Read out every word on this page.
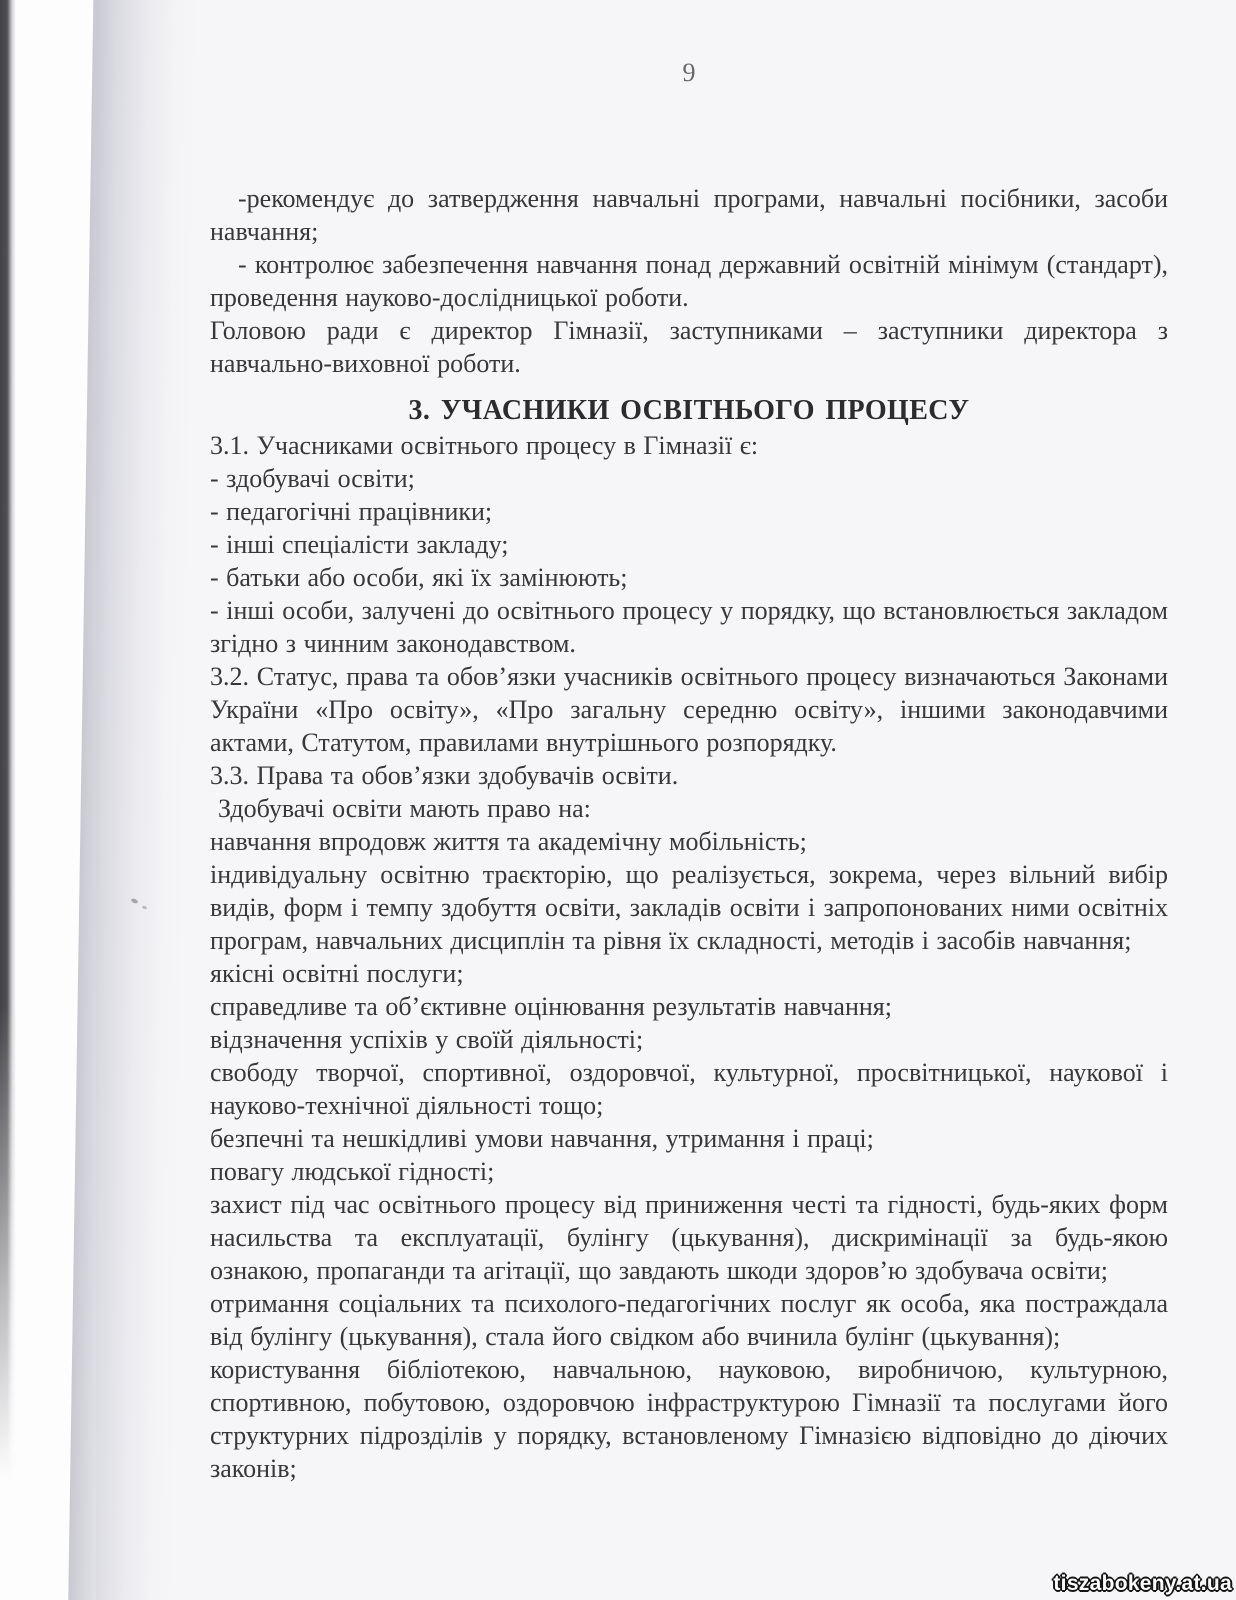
9

-рекомендує до затвердження навчальні програми, навчальні посібники, засоби навчання;

- контролює забезпечення навчання понад державний освітній мінімум (стандарт), проведення науково-дослідницької роботи.

Головою ради є директор Гімназії, заступниками – заступники директора з навчально-виховної роботи.

3. УЧАСНИКИ ОСВІТНЬОГО ПРОЦЕСУ

3.1. Учасниками освітнього процесу в Гімназії є:

- здобувачі освіти;

- педагогічні працівники;

- інші спеціалісти закладу;

- батьки або особи, які їх замінюють;

- інші особи, залучені до освітнього процесу у порядку, що встановлюється закладом згідно з чинним законодавством.

3.2. Статус, права та обов’язки учасників освітнього процесу визначаються Законами України «Про освіту», «Про загальну середню освіту», іншими законодавчими актами, Статутом, правилами внутрішнього розпорядку.

3.3. Права та обов’язки здобувачів освіти.

Здобувачі освіти мають право на:

навчання впродовж життя та академічну мобільність;

індивідуальну освітню траєкторію, що реалізується, зокрема, через вільний вибір видів, форм і темпу здобуття освіти, закладів освіти і запропонованих ними освітніх програм, навчальних дисциплін та рівня їх складності, методів і засобів навчання;

якісні освітні послуги;

справедливе та об’єктивне оцінювання результатів навчання;

відзначення успіхів у своїй діяльності;

свободу творчої, спортивної, оздоровчої, культурної, просвітницької, наукової і науково-технічної діяльності тощо;

безпечні та нешкідливі умови навчання, утримання і праці;

повагу людської гідності;

захист під час освітнього процесу від приниження честі та гідності, будь-яких форм насильства та експлуатації, булінгу (цькування), дискримінації за будь-якою ознакою, пропаганди та агітації, що завдають шкоди здоров’ю здобувача освіти;

отримання соціальних та психолого-педагогічних послуг як особа, яка постраждала від булінгу (цькування), стала його свідком або вчинила булінг (цькування);

користування бібліотекою, навчальною, науковою, виробничою, культурною, спортивною, побутовою, оздоровчою інфраструктурою Гімназії та послугами його структурних підрозділів у порядку, встановленому Гімназією відповідно до діючих законів;

tiszabokeny.at.ua
